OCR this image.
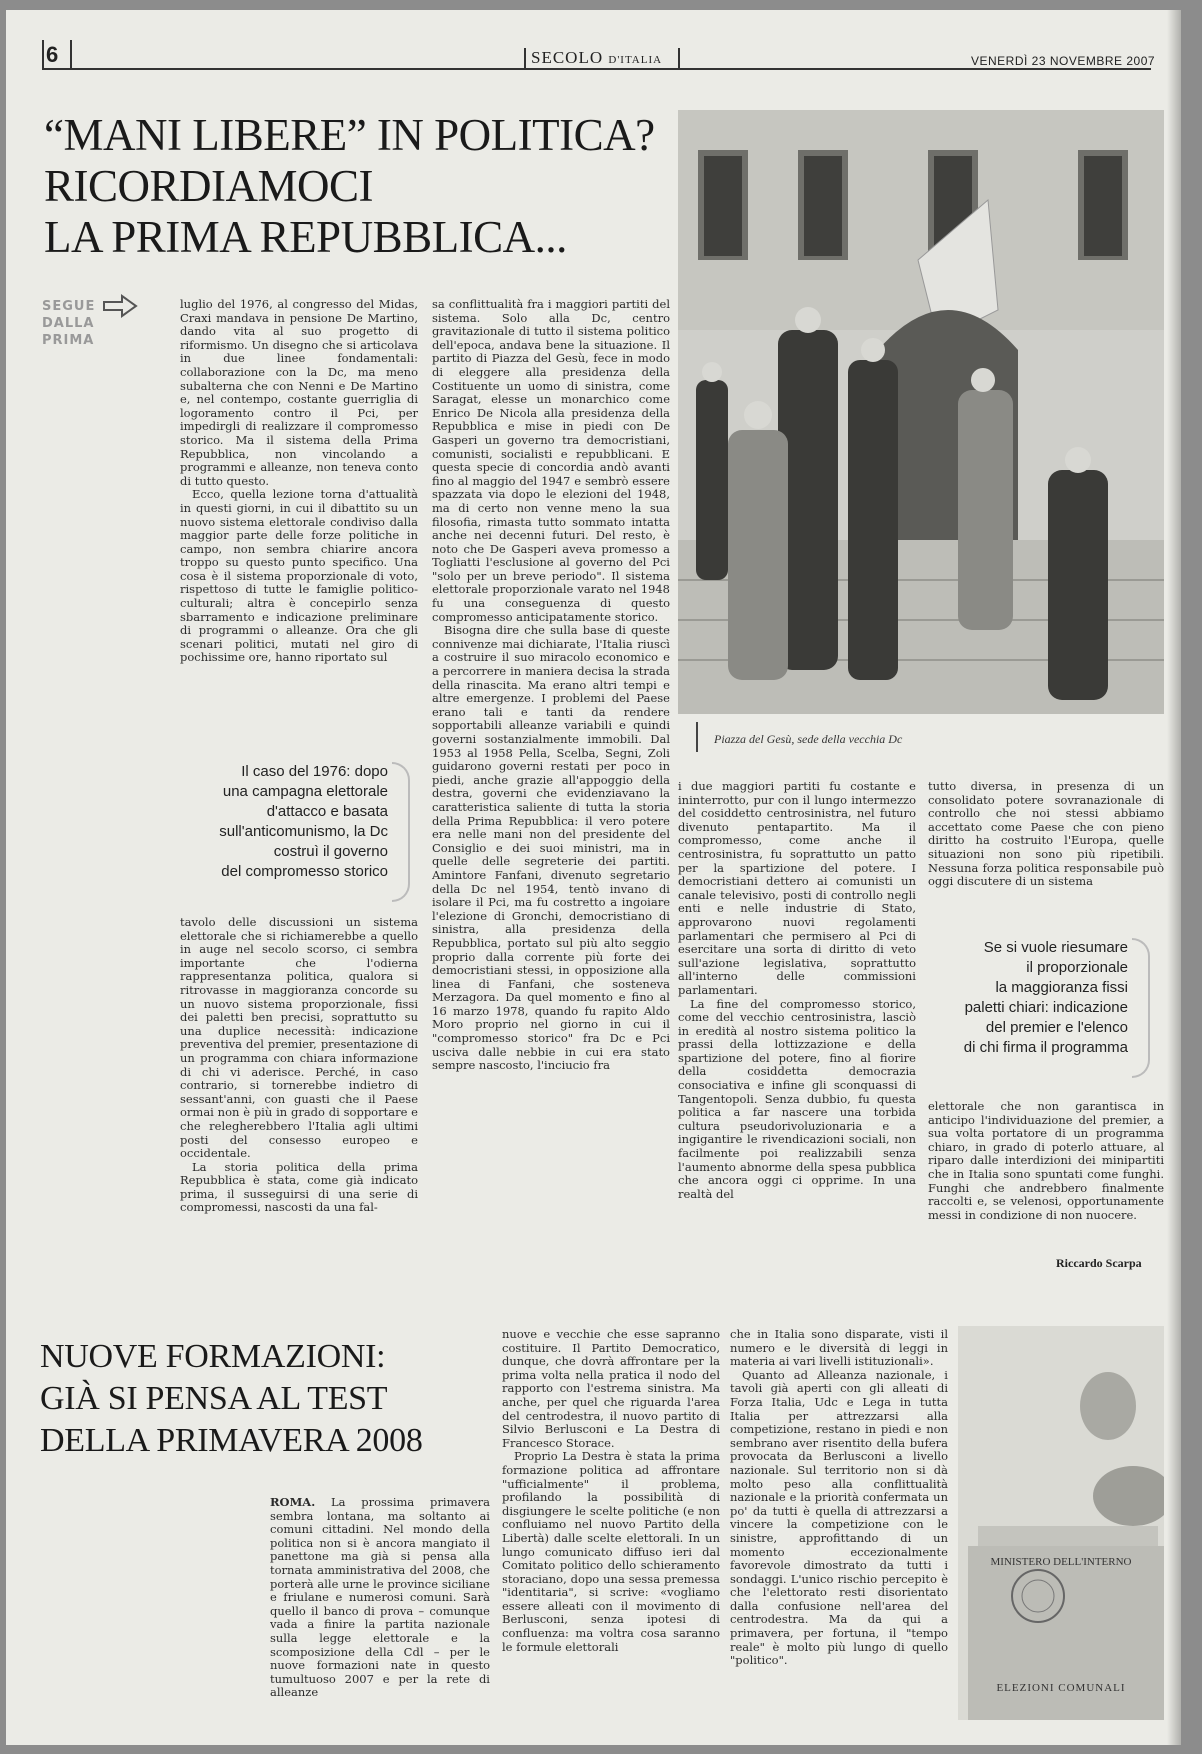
6	SECOLO D'ITALIA	VENERDÌ 23 NOVEMBRE 2007
“MANI LIBERE” IN POLITICA?
RICORDIAMOCI
LA PRIMA REPUBBLICA...
SEGUE
DALLA
PRIMA

luglio del 1976, al congresso del Midas, Craxi mandava in pensione De Martino, dando vita al suo progetto di riformismo. Un disegno che si articolava in due linee fondamentali: collaborazione con la Dc, ma meno subalterna che con Nenni e De Martino e, nel contempo, costante guerriglia di logoramento contro il Pci, per impedirgli di realizzare il compromesso storico. Ma il sistema della Prima Repubblica, non vincolando a programmi e alleanze, non teneva conto di tutto questo.

Ecco, quella lezione torna d'attualità in questi giorni, in cui il dibattito su un nuovo sistema elettorale condiviso dalla maggior parte delle forze politiche in campo, non sembra chiarire ancora troppo su questo punto specifico. Una cosa è il sistema proporzionale di voto, rispettoso di tutte le famiglie politico-culturali; altra è concepirlo senza sbarramento e indicazione preliminare di programmi o alleanze. Ora che gli scenari politici, mutati nel giro di pochissime ore, hanno riportato sul

Il caso del 1976: dopo
una campagna elettorale
d'attacco e basata
sull'anticomunismo, la Dc
costruì il governo
del compromesso storico

tavolo delle discussioni un sistema elettorale che si richiamerebbe a quello in auge nel secolo scorso, ci sembra importante che l'odierna rappresentanza politica, qualora si ritrovasse in maggioranza concorde su un nuovo sistema proporzionale, fissi dei paletti ben precisi, soprattutto su una duplice necessità: indicazione preventiva del premier, presentazione di un programma con chiara informazione di chi vi aderisce. Perché, in caso contrario, si tornerebbe indietro di sessant'anni, con guasti che il Paese ormai non è più in grado di sopportare e che relegherebbero l'Italia agli ultimi posti del consesso europeo e occidentale.

La storia politica della prima Repubblica è stata, come già indicato prima, il susseguirsi di una serie di compromessi, nascosti da una fal-

sa conflittualità fra i maggiori partiti del sistema. Solo alla Dc, centro gravitazionale di tutto il sistema politico dell'epoca, andava bene la situazione. Il partito di Piazza del Gesù, fece in modo di eleggere alla presidenza della Costituente un uomo di sinistra, come Saragat, elesse un monarchico come Enrico De Nicola alla presidenza della Repubblica e mise in piedi con De Gasperi un governo tra democristiani, comunisti, socialisti e repubblicani. E questa specie di concordia andò avanti fino al maggio del 1947 e sembrò essere spazzata via dopo le elezioni del 1948, ma di certo non venne meno la sua filosofia, rimasta tutto sommato intatta anche nei decenni futuri. Del resto, è noto che De Gasperi aveva promesso a Togliatti l'esclusione al governo del Pci "solo per un breve periodo". Il sistema elettorale proporzionale varato nel 1948 fu una conseguenza di questo compromesso anticipatamente storico.

Bisogna dire che sulla base di queste connivenze mai dichiarate, l'Italia riuscì a costruire il suo miracolo economico e a percorrere in maniera decisa la strada della rinascita. Ma erano altri tempi e altre emergenze. I problemi del Paese erano tali e tanti da rendere sopportabili alleanze variabili e quindi governi sostanzialmente immobili. Dal 1953 al 1958 Pella, Scelba, Segni, Zoli guidarono governi restati per poco in piedi, anche grazie all'appoggio della destra, governi che evidenziavano la caratteristica saliente di tutta la storia della Prima Repubblica: il vero potere era nelle mani non del presidente del Consiglio e dei suoi ministri, ma in quelle delle segreterie dei partiti. Amintore Fanfani, divenuto segretario della Dc nel 1954, tentò invano di isolare il Pci, ma fu costretto a ingoiare l'elezione di Gronchi, democristiano di sinistra, alla presidenza della Repubblica, portato sul più alto seggio proprio dalla corrente più forte dei democristiani stessi, in opposizione alla linea di Fanfani, che sosteneva Merzagora. Da quel momento e fino al 16 marzo 1978, quando fu rapito Aldo Moro proprio nel giorno in cui il "compromesso storico" fra Dc e Pci usciva dalle nebbie in cui era stato sempre nascosto, l'inciucio fra

Piazza del Gesù, sede della vecchia Dc

i due maggiori partiti fu costante e ininterrotto, pur con il lungo intermezzo del cosiddetto centrosinistra, nel futuro divenuto pentapartito. Ma il compromesso, come anche il centrosinistra, fu soprattutto un patto per la spartizione del potere. I democristiani dettero ai comunisti un canale televisivo, posti di controllo negli enti e nelle industrie di Stato, approvarono nuovi regolamenti parlamentari che permisero al Pci di esercitare una sorta di diritto di veto sull'azione legislativa, soprattutto all'interno delle commissioni parlamentari.

La fine del compromesso storico, come del vecchio centrosinistra, lasciò in eredità al nostro sistema politico la prassi della lottizzazione e della spartizione del potere, fino al fiorire della cosiddetta democrazia consociativa e infine gli sconquassi di Tangentopoli. Senza dubbio, fu questa politica a far nascere una torbida cultura pseudorivoluzionaria e a ingigantire le rivendicazioni sociali, non facilmente poi realizzabili senza l'aumento abnorme della spesa pubblica che ancora oggi ci opprime. In una realtà del

tutto diversa, in presenza di un consolidato potere sovranazionale di controllo che noi stessi abbiamo accettato come Paese che con pieno diritto ha costruito l'Europa, quelle situazioni non sono più ripetibili. Nessuna forza politica responsabile può oggi discutere di un sistema

Se si vuole riesumare
il proporzionale
la maggioranza fissi
paletti chiari: indicazione
del premier e l'elenco
di chi firma il programma

elettorale che non garantisca in anticipo l'individuazione del premier, a sua volta portatore di un programma chiaro, in grado di poterlo attuare, al riparo dalle interdizioni dei minipartiti che in Italia sono spuntati come funghi. Funghi che andrebbero finalmente raccolti e, se velenosi, opportunamente messi in condizione di non nuocere.

Riccardo Scarpa
NUOVE FORMAZIONI:
GIÀ SI PENSA AL TEST
DELLA PRIMAVERA 2008

ROMA. La prossima primavera sembra lontana, ma soltanto ai comuni cittadini. Nel mondo della politica non si è ancora mangiato il panettone ma già si pensa alla tornata amministrativa del 2008, che porterà alle urne le province siciliane e friulane e numerosi comuni. Sarà quello il banco di prova – comunque vada a finire la partita nazionale sulla legge elettorale e la scomposizione della Cdl – per le nuove formazioni nate in questo tumultuoso 2007 e per la rete di alleanze

nuove e vecchie che esse sapranno costituire. Il Partito Democratico, dunque, che dovrà affrontare per la prima volta nella pratica il nodo del rapporto con l'estrema sinistra. Ma anche, per quel che riguarda l'area del centrodestra, il nuovo partito di Silvio Berlusconi e La Destra di Francesco Storace.

Proprio La Destra è stata la prima formazione politica ad affrontare "ufficialmente" il problema, profilando la possibilità di disgiungere le scelte politiche (e non confluiamo nel nuovo Partito della Libertà) dalle scelte elettorali. In un lungo comunicato diffuso ieri dal Comitato politico dello schieramento storaciano, dopo una sessa premessa "identitaria", si scrive: «vogliamo essere alleati con il movimento di Berlusconi, senza ipotesi di confluenza: ma voltra cosa saranno le formule elettorali

che in Italia sono disparate, visti il numero e le diversità di leggi in materia ai vari livelli istituzionali».

Quanto ad Alleanza nazionale, i tavoli già aperti con gli alleati di Forza Italia, Udc e Lega in tutta Italia per attrezzarsi alla competizione, restano in piedi e non sembrano aver risentito della bufera provocata da Berlusconi a livello nazionale. Sul territorio non si dà molto peso alla conflittualità nazionale e la priorità confermata un po' da tutti è quella di attrezzarsi a vincere la competizione con le sinistre, approfittando di un momento eccezionalmente favorevole dimostrato da tutti i sondaggi. L'unico rischio percepito è che l'elettorato resti disorientato dalla confusione nell'area del centrodestra. Ma da qui a primavera, per fortuna, il "tempo reale" è molto più lungo di quello "politico".

MINISTERO DELL'INTERNO
ELEZIONI COMUNALI
